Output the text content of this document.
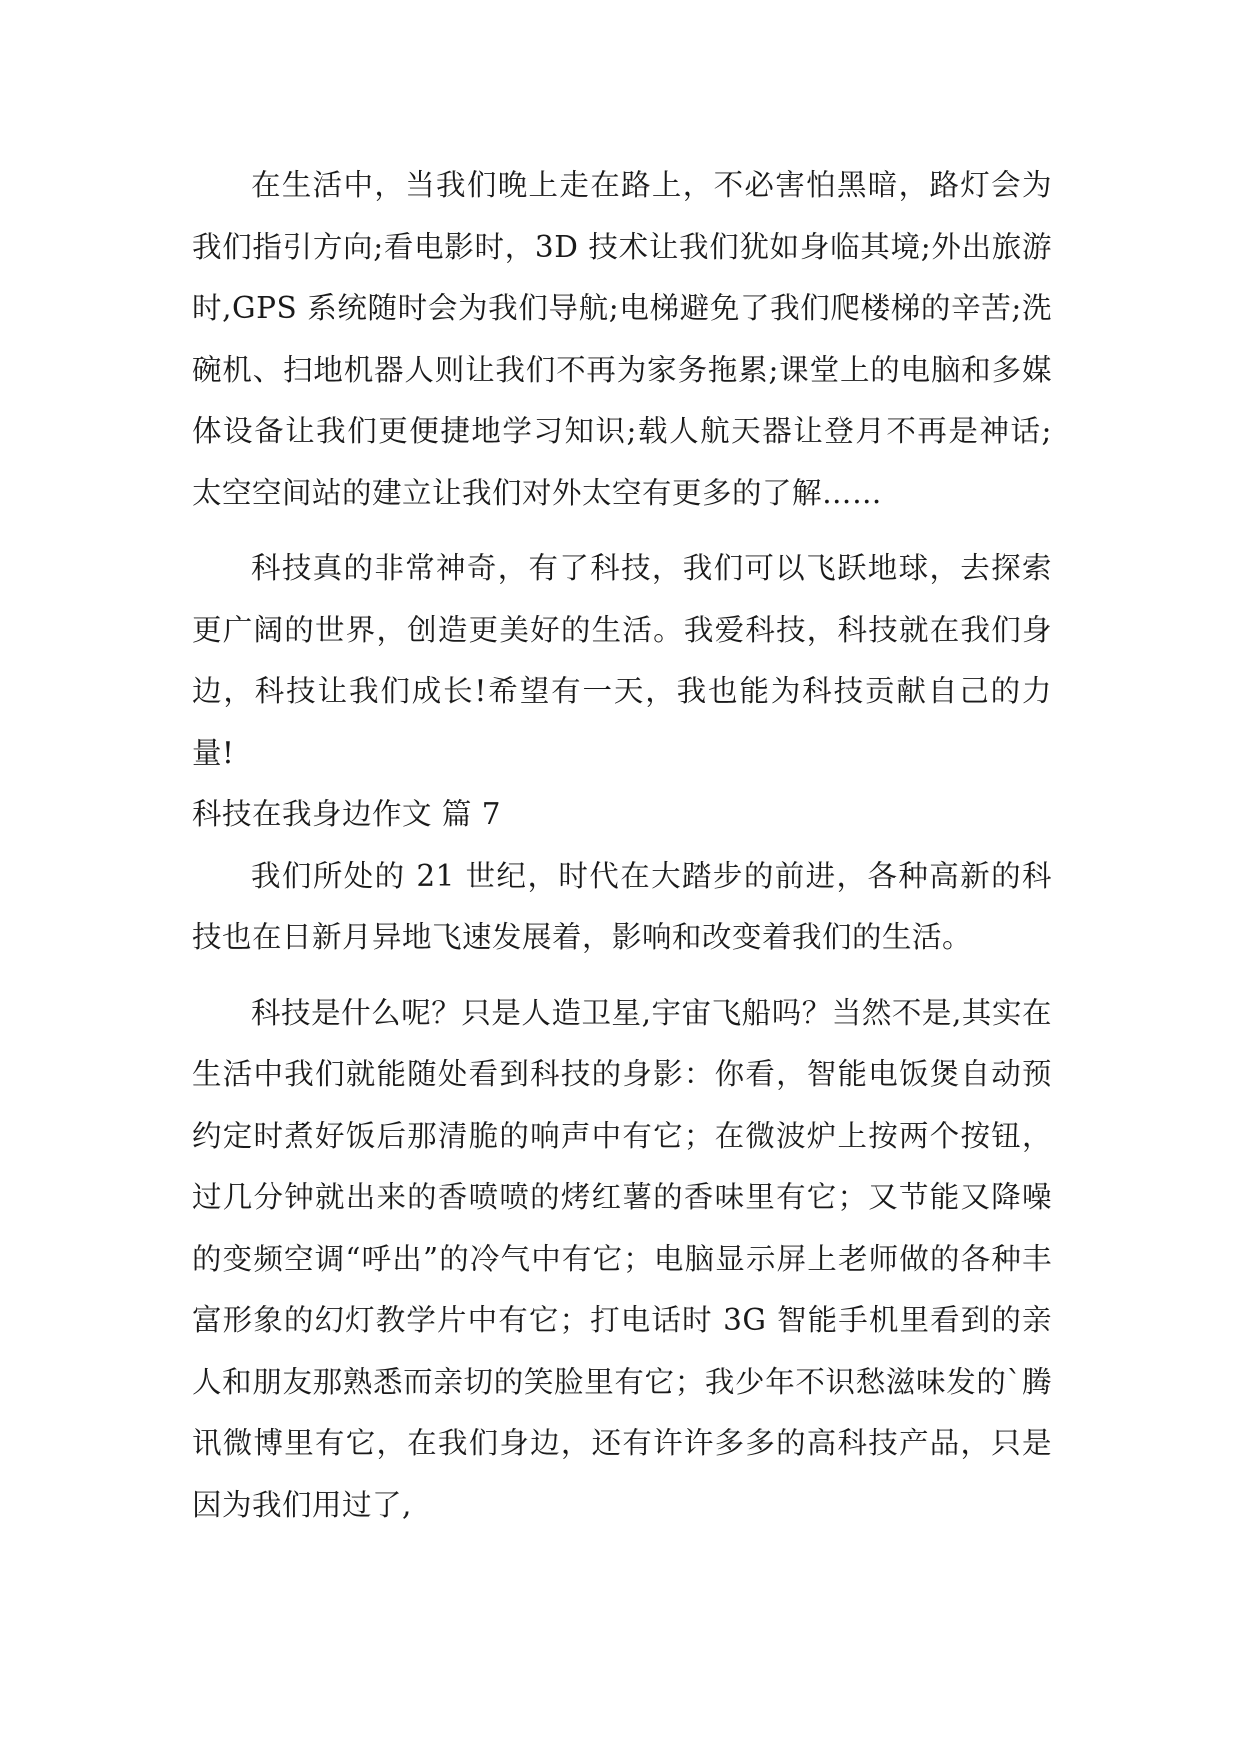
在生活中，当我们晚上走在路上，不必害怕黑暗，路灯会为我们指引方向;看电影时，3D 技术让我们犹如身临其境;外出旅游时,GPS 系统随时会为我们导航;电梯避免了我们爬楼梯的辛苦;洗碗机、扫地机器人则让我们不再为家务拖累;课堂上的电脑和多媒体设备让我们更便捷地学习知识;载人航天器让登月不再是神话;太空空间站的建立让我们对外太空有更多的了解……

科技真的非常神奇，有了科技，我们可以飞跃地球，去探索更广阔的世界，创造更美好的生活。我爱科技，科技就在我们身边，科技让我们成长!希望有一天，我也能为科技贡献自己的力量!

科技在我身边作文 篇 7

我们所处的 21 世纪，时代在大踏步的前进，各种高新的科技也在日新月异地飞速发展着，影响和改变着我们的生活。

科技是什么呢？只是人造卫星,宇宙飞船吗？当然不是,其实在生活中我们就能随处看到科技的身影：你看，智能电饭煲自动预约定时煮好饭后那清脆的响声中有它；在微波炉上按两个按钮，过几分钟就出来的香喷喷的烤红薯的香味里有它；又节能又降噪的变频空调“呼出”的冷气中有它；电脑显示屏上老师做的各种丰富形象的幻灯教学片中有它；打电话时 3G 智能手机里看到的亲人和朋友那熟悉而亲切的笑脸里有它；我少年不识愁滋味发的`腾讯微博里有它，在我们身边，还有许许多多的高科技产品，只是因为我们用过了,
